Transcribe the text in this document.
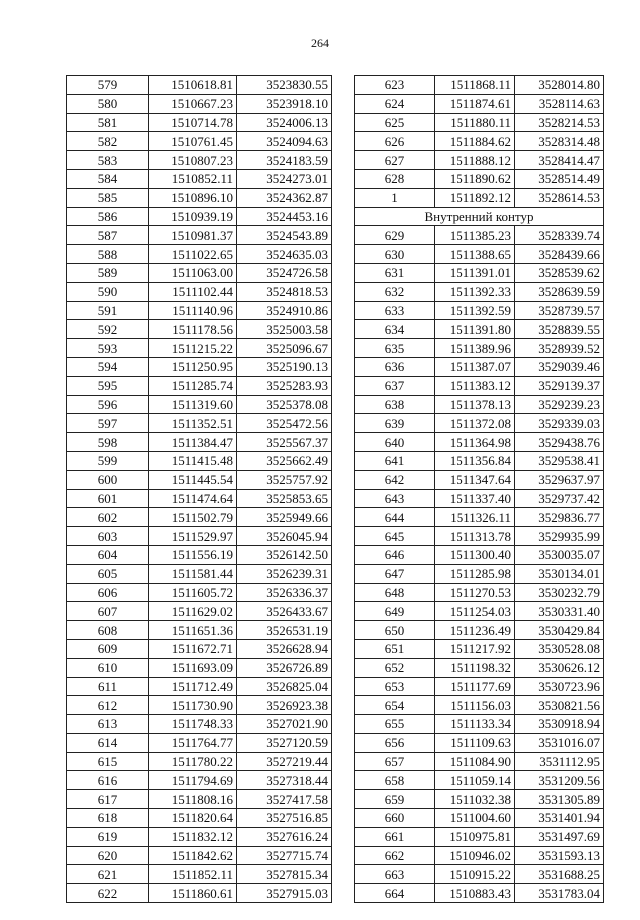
264
579	1510618.81	3523830.55
580	1510667.23	3523918.10
581	1510714.78	3524006.13
582	1510761.45	3524094.63
583	1510807.23	3524183.59
584	1510852.11	3524273.01
585	1510896.10	3524362.87
586	1510939.19	3524453.16
587	1510981.37	3524543.89
588	1511022.65	3524635.03
589	1511063.00	3524726.58
590	1511102.44	3524818.53
591	1511140.96	3524910.86
592	1511178.56	3525003.58
593	1511215.22	3525096.67
594	1511250.95	3525190.13
595	1511285.74	3525283.93
596	1511319.60	3525378.08
597	1511352.51	3525472.56
598	1511384.47	3525567.37
599	1511415.48	3525662.49
600	1511445.54	3525757.92
601	1511474.64	3525853.65
602	1511502.79	3525949.66
603	1511529.97	3526045.94
604	1511556.19	3526142.50
605	1511581.44	3526239.31
606	1511605.72	3526336.37
607	1511629.02	3526433.67
608	1511651.36	3526531.19
609	1511672.71	3526628.94
610	1511693.09	3526726.89
611	1511712.49	3526825.04
612	1511730.90	3526923.38
613	1511748.33	3527021.90
614	1511764.77	3527120.59
615	1511780.22	3527219.44
616	1511794.69	3527318.44
617	1511808.16	3527417.58
618	1511820.64	3527516.85
619	1511832.12	3527616.24
620	1511842.62	3527715.74
621	1511852.11	3527815.34
622	1511860.61	3527915.03
623	1511868.11	3528014.80
624	1511874.61	3528114.63
625	1511880.11	3528214.53
626	1511884.62	3528314.48
627	1511888.12	3528414.47
628	1511890.62	3528514.49
1	1511892.12	3528614.53
Внутренний контур		
629	1511385.23	3528339.74
630	1511388.65	3528439.66
631	1511391.01	3528539.62
632	1511392.33	3528639.59
633	1511392.59	3528739.57
634	1511391.80	3528839.55
635	1511389.96	3528939.52
636	1511387.07	3529039.46
637	1511383.12	3529139.37
638	1511378.13	3529239.23
639	1511372.08	3529339.03
640	1511364.98	3529438.76
641	1511356.84	3529538.41
642	1511347.64	3529637.97
643	1511337.40	3529737.42
644	1511326.11	3529836.77
645	1511313.78	3529935.99
646	1511300.40	3530035.07
647	1511285.98	3530134.01
648	1511270.53	3530232.79
649	1511254.03	3530331.40
650	1511236.49	3530429.84
651	1511217.92	3530528.08
652	1511198.32	3530626.12
653	1511177.69	3530723.96
654	1511156.03	3530821.56
655	1511133.34	3530918.94
656	1511109.63	3531016.07
657	1511084.90	3531112.95
658	1511059.14	3531209.56
659	1511032.38	3531305.89
660	1511004.60	3531401.94
661	1510975.81	3531497.69
662	1510946.02	3531593.13
663	1510915.22	3531688.25
664	1510883.43	3531783.04
